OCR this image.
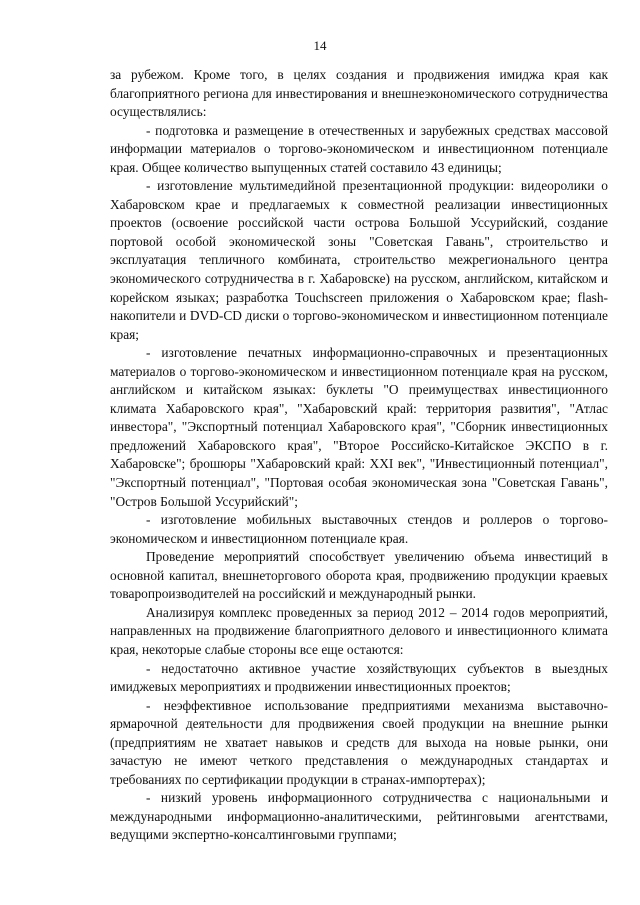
14

за рубежом. Кроме того, в целях создания и продвижения имиджа края как благоприятного региона для инвестирования и внешнеэкономического сотрудничества осуществлялись:

- подготовка и размещение в отечественных и зарубежных средствах массовой информации материалов о торгово-экономическом и инвестиционном потенциале края. Общее количество выпущенных статей составило 43 единицы;

- изготовление мультимедийной презентационной продукции: видеоролики о Хабаровском крае и предлагаемых к совместной реализации инвестиционных проектов (освоение российской части острова Большой Уссурийский, создание портовой особой экономической зоны "Советская Гавань", строительство и эксплуатация тепличного комбината, строительство межрегионального центра экономического сотрудничества в г. Хабаровске) на русском, английском, китайском и корейском языках; разработка Touchscreen приложения о Хабаровском крае; flash-накопители и DVD-CD диски о торгово-экономическом и инвестиционном потенциале края;

- изготовление печатных информационно-справочных и презентационных материалов о торгово-экономическом и инвестиционном потенциале края на русском, английском и китайском языках: буклеты "О преимуществах инвестиционного климата Хабаровского края", "Хабаровский край: территория развития", "Атлас инвестора", "Экспортный потенциал Хабаровского края", "Сборник инвестиционных предложений Хабаровского края", "Второе Российско-Китайское ЭКСПО в г. Хабаровске"; брошюры "Хабаровский край: XXI век", "Инвестиционный потенциал", "Экспортный потенциал", "Портовая особая экономическая зона "Советская Гавань", "Остров Большой Уссурийский";

- изготовление мобильных выставочных стендов и роллеров о торгово-экономическом и инвестиционном потенциале края.

Проведение мероприятий способствует увеличению объема инвестиций в основной капитал, внешнеторгового оборота края, продвижению продукции краевых товаропроизводителей на российский и международный рынки.

Анализируя комплекс проведенных за период 2012 – 2014 годов мероприятий, направленных на продвижение благоприятного делового и инвестиционного климата края, некоторые слабые стороны все еще остаются:

- недостаточно активное участие хозяйствующих субъектов в выездных имиджевых мероприятиях и продвижении инвестиционных проектов;

- неэффективное использование предприятиями механизма выставочно-ярмарочной деятельности для продвижения своей продукции на внешние рынки (предприятиям не хватает навыков и средств для выхода на новые рынки, они зачастую не имеют четкого представления о международных стандартах и требованиях по сертификации продукции в странах-импортерах);

- низкий уровень информационного сотрудничества с национальными и международными информационно-аналитическими, рейтинговыми агентствами, ведущими экспертно-консалтинговыми группами;
